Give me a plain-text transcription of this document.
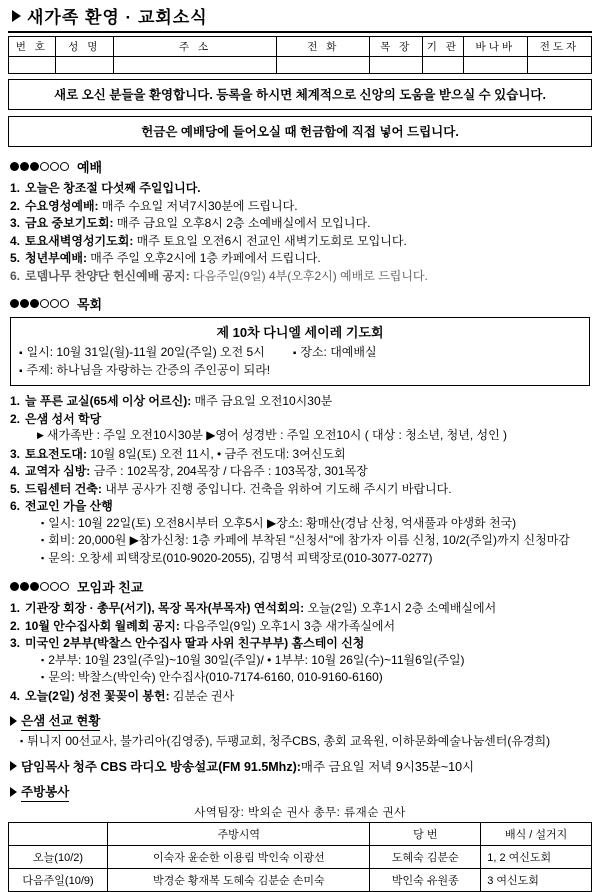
새가족 환영 · 교회소식
번 호	성 명	주 소	전 화	목 장	기 관	바나바	전도자

새로 오신 분들을 환영합니다. 등록을 하시면 체계적으로 신앙의 도움을 받으실 수 있습니다.
헌금은 예배당에 들어오실 때 헌금함에 직접 넣어 드립니다.
예배
1. 오늘은 창조절 다섯째 주일입니다.
2. 수요영성예배: 매주 수요일 저녁7시30분에 드립니다.
3. 금요 중보기도회: 매주 금요일 오후8시 2층 소예배실에서 모입니다.
4. 토요새벽영성기도회: 매주 토요일 오전6시 전교인 새벽기도회로 모입니다.
5. 청년부예배: 매주 주일 오후2시에 1층 카페에서 드립니다.
6. 로뎀나무 찬양단 헌신예배 공지: 다음주일(9일) 4부(오후2시) 예배로 드립니다.
목회
제 10차 다니엘 세이레 기도회
▪ 일시: 10월 31일(월)-11월 20일(주일) 오전 5시	▪ 장소: 대예배실
▪ 주제: 하나님을 자랑하는 간증의 주인공이 되라!
1. 늘 푸른 교실(65세 이상 어르신): 매주 금요일 오전10시30분
2. 은샘 성서 학당
▶ 새가족반 : 주일 오전10시30분 ▶영어 성경반 : 주일 오전10시 ( 대상 : 청소년, 청년, 성인 )
3. 토요전도대: 10월 8일(토) 오전 11시, • 금주 전도대: 3여신도회
4. 교역자 심방: 금주 : 102목장, 204목장 / 다음주 : 103목장, 301목장
5. 드림센터 건축: 내부 공사가 진행 중입니다. 건축을 위하여 기도해 주시기 바랍니다.
6. 전교인 가을 산행
▪ 일시: 10월 22일(토) 오전8시부터 오후5시 ▶장소: 황매산(경남 산청, 억새풀과 야생화 천국)
▪ 회비: 20,000원 ▶참가신청: 1층 카페에 부착된 "신청서"에 참가자 이름 신청, 10/2(주일)까지 신청마감
▪ 문의: 오창세 피택장로(010-9020-2055), 김명석 피택장로(010-3077-0277)
모임과 친교
1. 기관장 회장 · 총무(서기), 목장 목자(부목자) 연석회의: 오늘(2일) 오후1시 2층 소예배실에서
2. 10월 안수집사회 월례회 공지: 다음주일(9일) 오후1시 3층 새가족실에서
3. 미국인 2부부(박찰스 안수집사 딸과 사위 친구부부) 홈스테이 신청
▪ 2부부: 10월 23일(주일)~10월 30일(주일)/ • 1부부: 10월 26일(수)~11월6일(주일)
▪ 문의: 박찰스(박인숙) 안수집사(010-7174-6160, 010-9160-6160)
4. 오늘(2일) 성전 꽃꽂이 봉헌: 김분순 권사
은샘 선교 현황
▪ 튀니지 00선교사, 불가리아(김영중), 두팽교회, 청주CBS, 총회 교육원, 이하문화예술나눔센터(유경희)
담임목사 청주 CBS 라디오 방송설교(FM 91.5Mhz): 매주 금요일 저녁 9시35분~10시
주방봉사
사역팀장: 박외순 권사 총무: 류재순 권사
	주방시역	당 번	배식 / 설거지
오늘(10/2)	이숙자 윤순한 이용림 박인숙 이광선	도혜숙 김분순	1, 2 여신도회
다음주일(10/9)	박경순 황재복 도혜숙 김분순 손미숙	박인숙 유원종	3 여신도회
